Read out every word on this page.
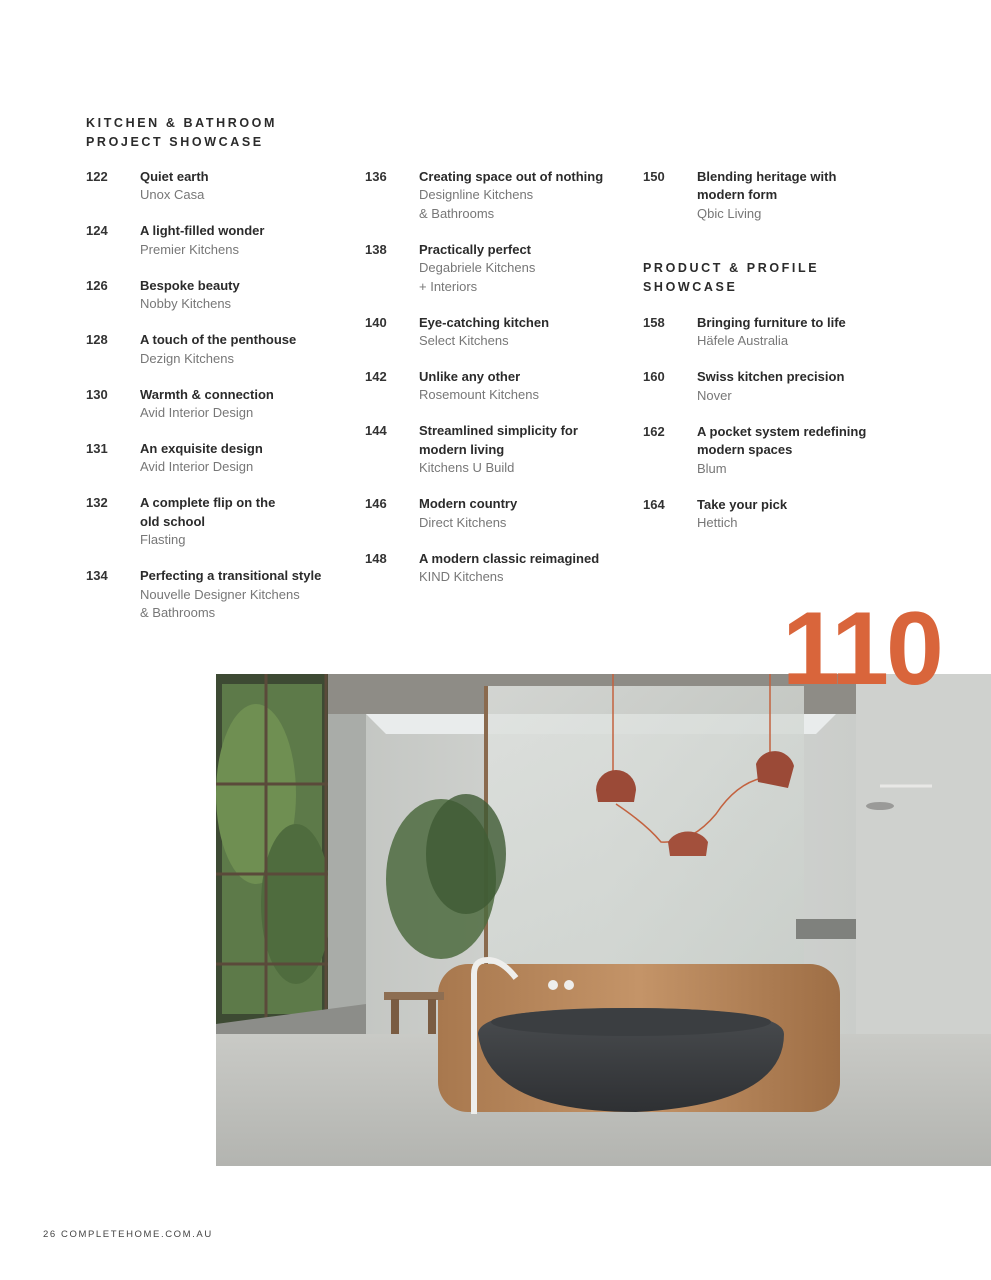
KITCHEN & BATHROOM
PROJECT SHOWCASE
PRODUCT & PROFILE
SHOWCASE
122 Quiet earth
Unox Casa
124 A light-filled wonder
Premier Kitchens
126 Bespoke beauty
Nobby Kitchens
128 A touch of the penthouse
Dezign Kitchens
130 Warmth & connection
Avid Interior Design
131 An exquisite design
Avid Interior Design
132 A complete flip on the
old school
Flasting
134 Perfecting a transitional style
Nouvelle Designer Kitchens
& Bathrooms
136 Creating space out of nothing
Designline Kitchens
& Bathrooms
138 Practically perfect
Degabriele Kitchens
+ Interiors
140 Eye-catching kitchen
Select Kitchens
142 Unlike any other
Rosemount Kitchens
144 Streamlined simplicity for
modern living
Kitchens U Build
146 Modern country
Direct Kitchens
148 A modern classic reimagined
KIND Kitchens
150 Blending heritage with
modern form
Qbic Living
158 Bringing furniture to life
Häfele Australia
160 Swiss kitchen precision
Nover
162 A pocket system redefining
modern spaces
Blum
164 Take your pick
Hettich
110
26 COMPLETEHOME.COM.AU
